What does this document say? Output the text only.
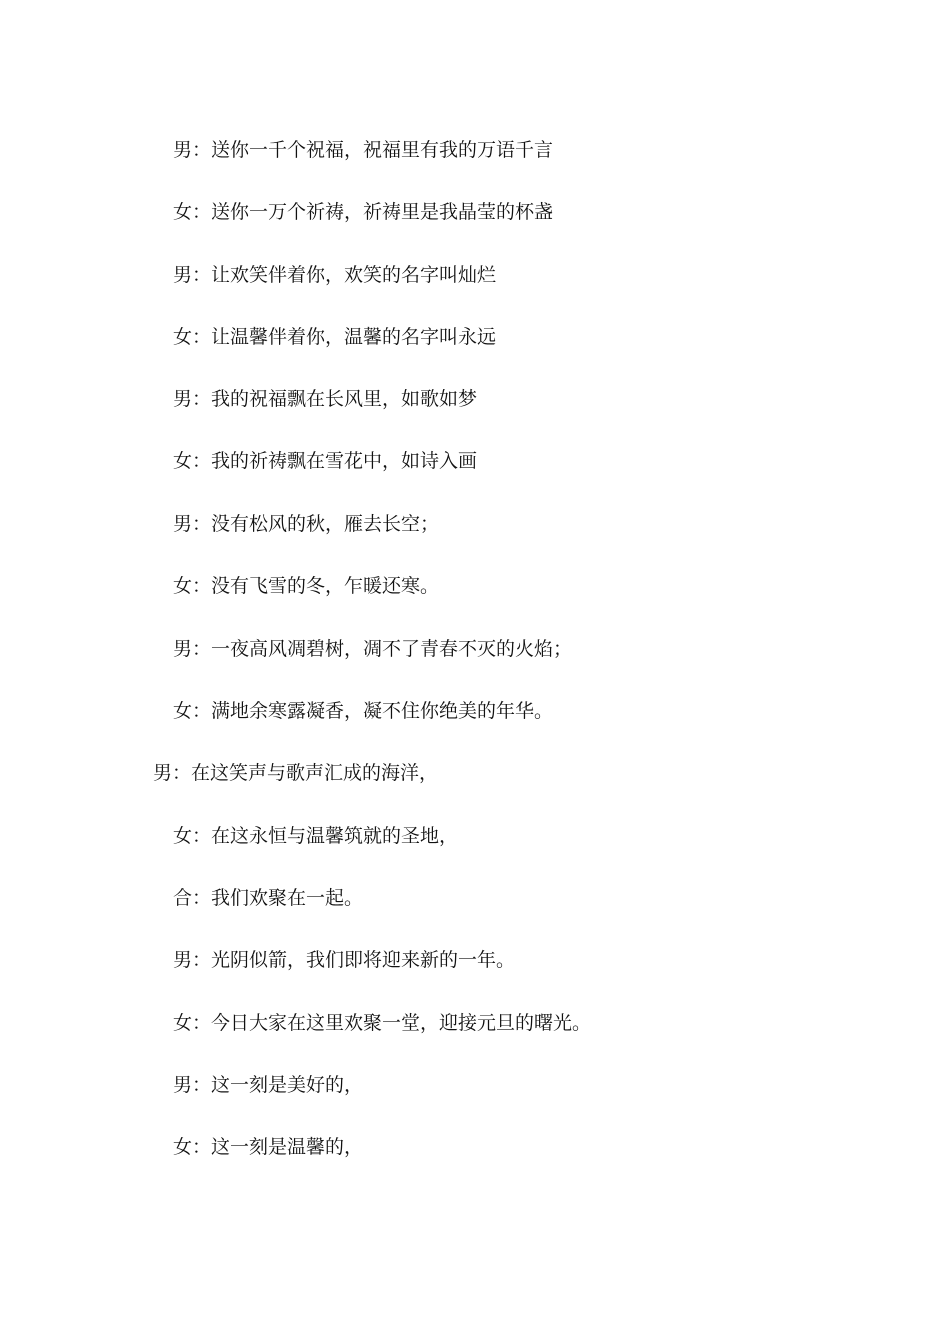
男：送你一千个祝福，祝福里有我的万语千言

女：送你一万个祈祷，祈祷里是我晶莹的杯盏

男：让欢笑伴着你，欢笑的名字叫灿烂

女：让温馨伴着你，温馨的名字叫永远

男：我的祝福飘在长风里，如歌如梦

女：我的祈祷飘在雪花中，如诗入画

男：没有松风的秋，雁去长空；

女：没有飞雪的冬，乍暖还寒。

男：一夜高风凋碧树，凋不了青春不灭的火焰；

女：满地余寒露凝香，凝不住你绝美的年华。

男：在这笑声与歌声汇成的海洋，

女：在这永恒与温馨筑就的圣地，

合：我们欢聚在一起。

男：光阴似箭，我们即将迎来新的一年。

女：今日大家在这里欢聚一堂，迎接元旦的曙光。

男：这一刻是美好的，

女：这一刻是温馨的，
